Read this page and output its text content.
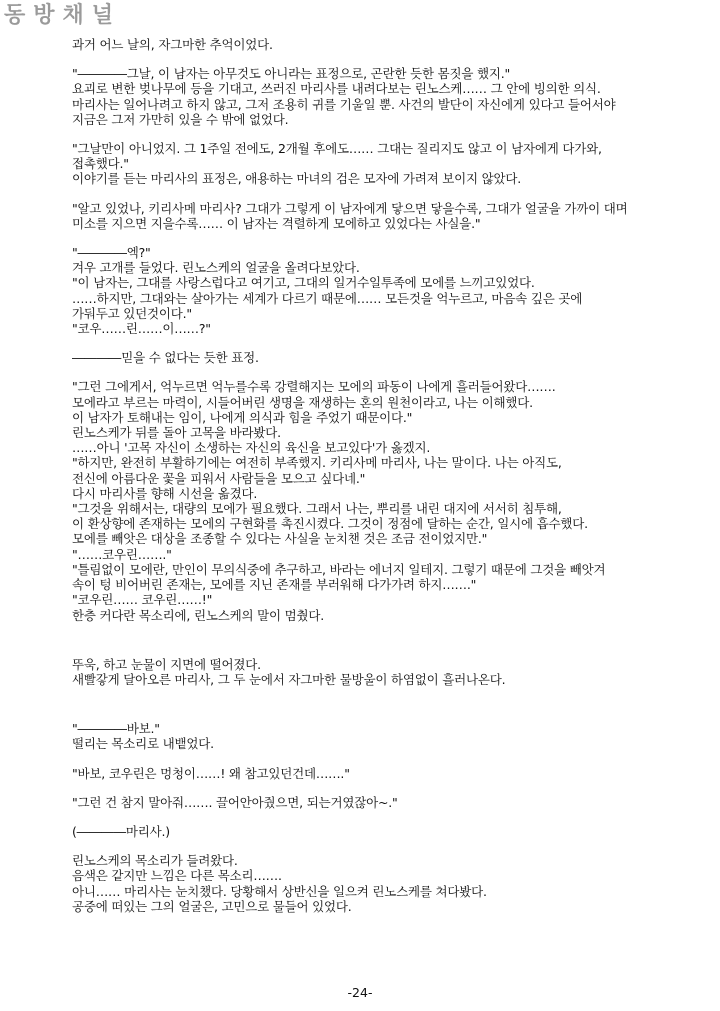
동방채널
과거 어느 날의, 자그마한 추억이었다.
"――――그날, 이 남자는 아무것도 아니라는 표정으로, 곤란한 듯한 몸짓을 했지."
요괴로 변한 벚나무에 등을 기대고, 쓰러진 마리사를 내려다보는 린노스케…… 그 안에 빙의한 의식.
마리사는 일어나려고 하지 않고, 그저 조용히 귀를 기울일 뿐. 사건의 발단이 자신에게 있다고 들어서야
지금은 그저 가만히 있을 수 밖에 없었다.
"그날만이 아니었지. 그 1주일 전에도, 2개월 후에도…… 그대는 질리지도 않고 이 남자에게 다가와,
접촉했다."
이야기를 듣는 마리사의 표정은, 애용하는 마녀의 검은 모자에 가려져 보이지 않았다.
"알고 있었나, 키리사메 마리사? 그대가 그렇게 이 남자에게 닿으면 닿을수록, 그대가 얼굴을 가까이 대며
미소를 지으면 지을수록…… 이 남자는 격렬하게 모에하고 있었다는 사실을."
"――――엑?"
겨우 고개를 들었다. 린노스케의 얼굴을 올려다보았다.
"이 남자는, 그대를 사랑스럽다고 여기고, 그대의 일거수일투족에 모에를 느끼고있었다.
……하지만, 그대와는 살아가는 세계가 다르기 때문에…… 모든것을 억누르고, 마음속 깊은 곳에
가둬두고 있던것이다."
"코우……린……이……?"
――――믿을 수 없다는 듯한 표정.
"그런 그에게서, 억누르면 억누를수록 강렬해지는 모에의 파동이 나에게 흘러들어왔다…….
모에라고 부르는 마력이, 시들어버린 생명을 재생하는 혼의 원천이라고, 나는 이해했다.
이 남자가 토해내는 임이, 나에게 의식과 힘을 주었기 때문이다."
린노스케가 뒤를 돌아 고목을 바라봤다.
……아니 '고목 자신이 소생하는 자신의 육신을 보고있다'가 옳겠지.
"하지만, 완전히 부활하기에는 여전히 부족했지. 키리사메 마리사, 나는 말이다. 나는 아직도,
전신에 아름다운 꽃을 피워서 사람들을 모으고 싶다네."
다시 마리사를 향해 시선을 옮겼다.
"그것을 위해서는, 대량의 모에가 필요했다. 그래서 나는, 뿌리를 내린 대지에 서서히 침투해,
이 환상향에 존재하는 모에의 구현화를 촉진시켰다. 그것이 정점에 달하는 순간, 일시에 흡수했다.
모에를 빼앗은 대상을 조종할 수 있다는 사실을 눈치챈 것은 조금 전이었지만."
"……코우린……."
"틀림없이 모에란, 만인이 무의식중에 추구하고, 바라는 에너지 일테지. 그렇기 때문에 그것을 빼앗겨
속이 텅 비어버린 존재는, 모에를 지닌 존재를 부러워해 다가가려 하지……."
"코우린…… 코우린……!"
한층 커다란 목소리에, 린노스케의 말이 멈췄다.
뚜욱, 하고 눈물이 지면에 떨어졌다.
새빨갛게 달아오른 마리사, 그 두 눈에서 자그마한 물방울이 하염없이 흘러나온다.
"――――바보."
떨리는 목소리로 내뱉었다.
"바보, 코우린은 멍청이……! 왜 참고있던건데……."
"그런 건 참지 말아줘……. 끌어안아줬으면, 되는거였잖아~."
(――――마리사.)
린노스케의 목소리가 들려왔다.
음색은 같지만 느낌은 다른 목소리…….
아니…… 마리사는 눈치챘다. 당황해서 상반신을 일으켜 린노스케를 쳐다봤다.
공중에 떠있는 그의 얼굴은, 고민으로 물들어 있었다.
-24-
